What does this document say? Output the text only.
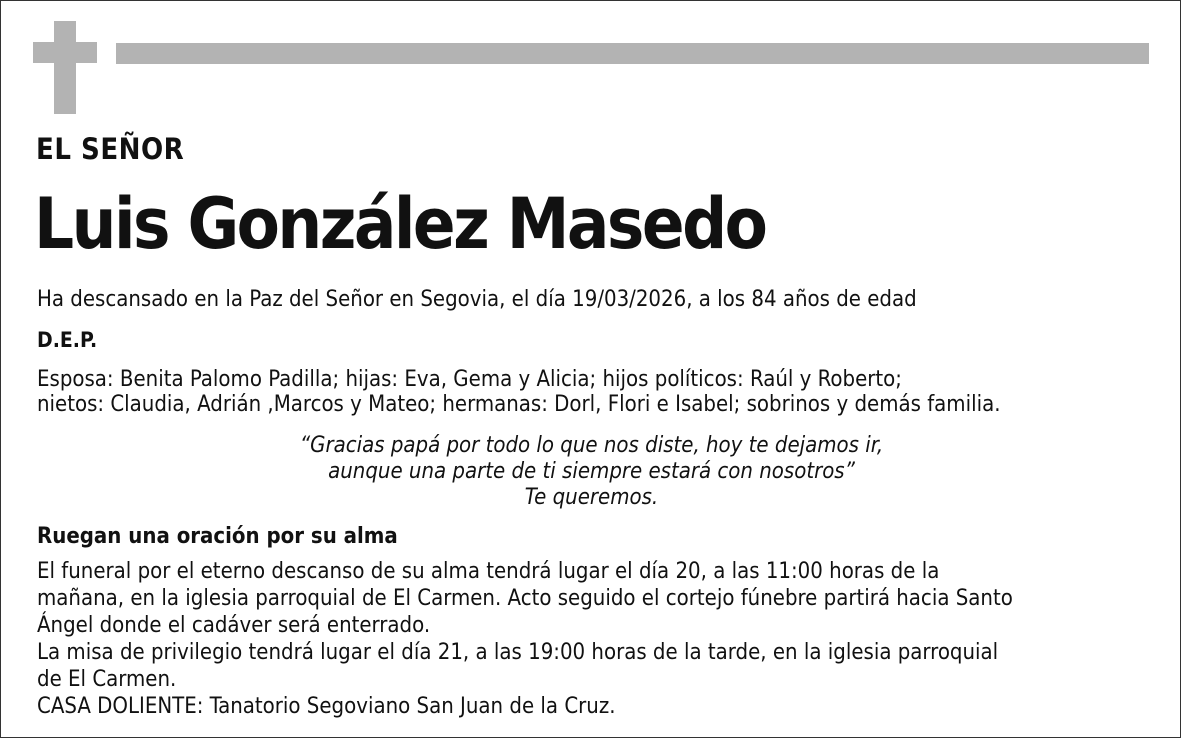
EL SEÑOR
Luis González Masedo
Ha descansado en la Paz del Señor en Segovia, el día 19/03/2026, a los 84 años de edad
D.E.P.
Esposa: Benita Palomo Padilla; hijas: Eva, Gema y Alicia; hijos políticos: Raúl y Roberto;
nietos: Claudia, Adrián ,Marcos y Mateo; hermanas: Dorl, Flori e Isabel; sobrinos y demás familia.
“Gracias papá por todo lo que nos diste, hoy te dejamos ir,
aunque una parte de ti siempre estará con nosotros”
Te queremos.
Ruegan una oración por su alma
El funeral por el eterno descanso de su alma tendrá lugar el día 20, a las 11:00 horas de la
mañana, en la iglesia parroquial de El Carmen. Acto seguido el cortejo fúnebre partirá hacia Santo
Ángel donde el cadáver será enterrado.
La misa de privilegio tendrá lugar el día 21, a las 19:00 horas de la tarde, en la iglesia parroquial
de El Carmen.
CASA DOLIENTE: Tanatorio Segoviano San Juan de la Cruz.
